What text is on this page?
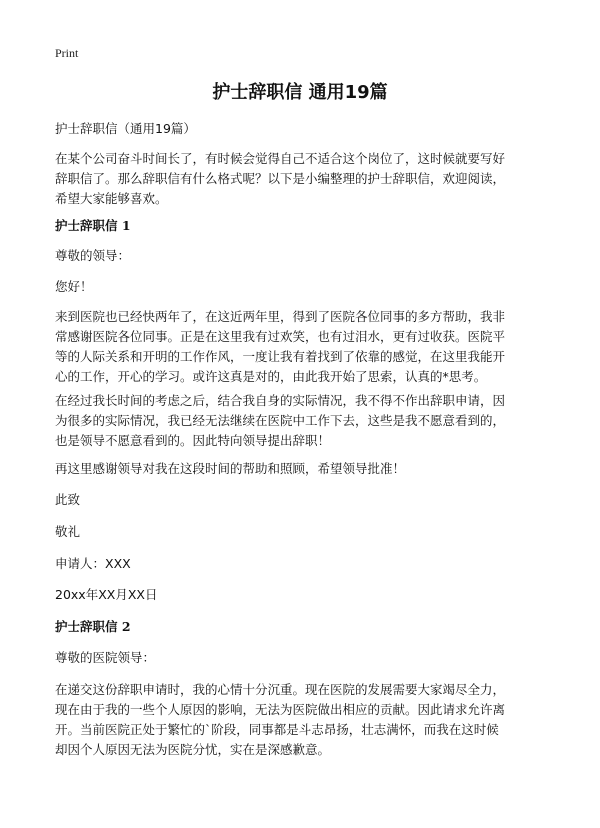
Print
护士辞职信 通用19篇
护士辞职信（通用19篇）
在某个公司奋斗时间长了，有时候会觉得自己不适合这个岗位了，这时候就要写好
辞职信了。那么辞职信有什么格式呢？以下是小编整理的护士辞职信，欢迎阅读，
希望大家能够喜欢。
护士辞职信 1
尊敬的领导：
您好！
来到医院也已经快两年了，在这近两年里，得到了医院各位同事的多方帮助，我非
常感谢医院各位同事。正是在这里我有过欢笑，也有过泪水，更有过收获。医院平
等的人际关系和开明的工作作风，一度让我有着找到了依靠的感觉，在这里我能开
心的工作，开心的学习。或许这真是对的，由此我开始了思索，认真的*思考。
在经过我长时间的考虑之后，结合我自身的实际情况，我不得不作出辞职申请，因
为很多的实际情况，我已经无法继续在医院中工作下去，这些是我不愿意看到的，
也是领导不愿意看到的。因此特向领导提出辞职！
再这里感谢领导对我在这段时间的帮助和照顾，希望领导批准！
此致
敬礼
申请人：XXX
20xx年XX月XX日
护士辞职信 2
尊敬的医院领导：
在递交这份辞职申请时，我的心情十分沉重。现在医院的发展需要大家竭尽全力，
现在由于我的一些个人原因的影响，无法为医院做出相应的贡献。因此请求允许离
开。当前医院正处于繁忙的`阶段，同事都是斗志昂扬，壮志满怀，而我在这时候
却因个人原因无法为医院分忧，实在是深感歉意。
